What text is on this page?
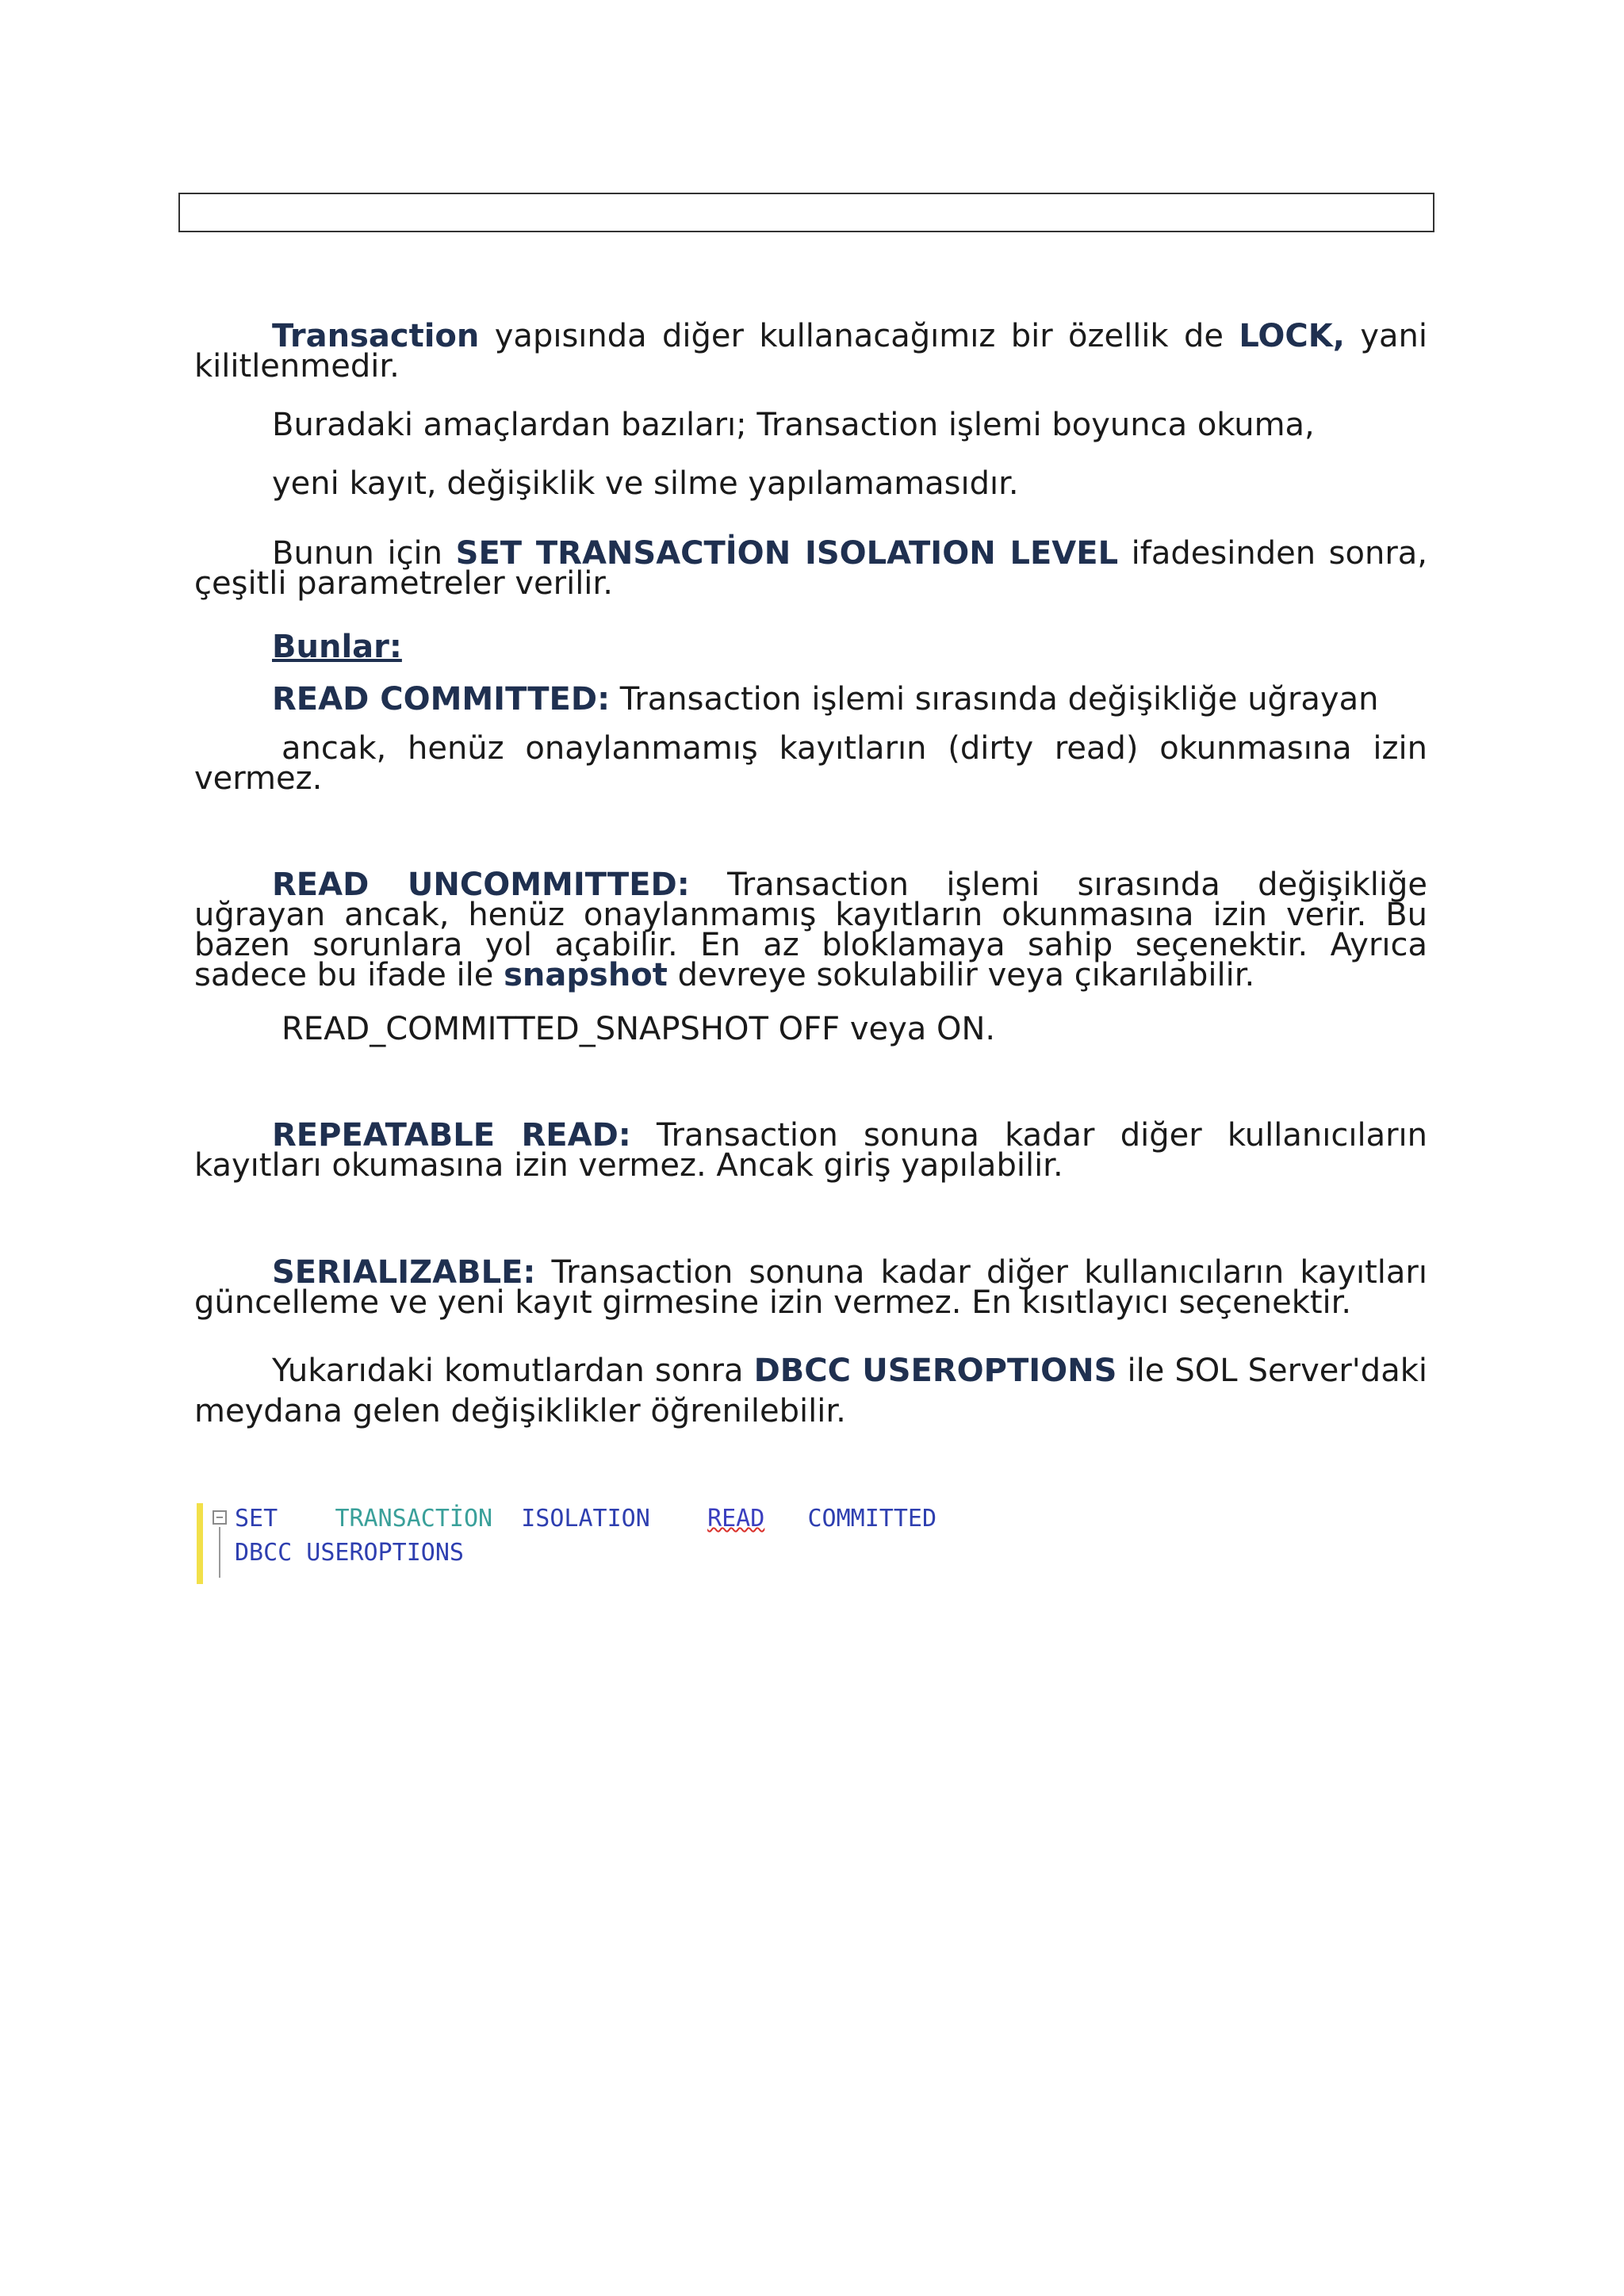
Transaction yapısında diğer kullanacağımız bir özellik de LOCK, yani kilitlenmedir.

Buradaki amaçlardan bazıları; Transaction işlemi boyunca okuma,

yeni kayıt, değişiklik ve silme yapılamamasıdır.

Bunun için SET TRANSACTİON ISOLATION LEVEL ifadesinden sonra, çeşitli parametreler verilir.

Bunlar:

READ COMMITTED: Transaction işlemi sırasında değişikliğe uğrayan

ancak, henüz onaylanmamış kayıtların (dirty read) okunmasına izin vermez.

READ UNCOMMITTED: Transaction işlemi sırasında değişikliğe uğrayan ancak, henüz onaylanmamış kayıtların okunmasına izin verir. Bu bazen sorunlara yol açabilir. En az bloklamaya sahip seçenektir. Ayrıca sadece bu ifade ile snapshot devreye sokulabilir veya çıkarılabilir.

READ_COMMITTED_SNAPSHOT OFF veya ON.

REPEATABLE READ: Transaction sonuna kadar diğer kullanıcıların kayıtları okumasına izin vermez. Ancak giriş yapılabilir.

SERIALIZABLE: Transaction sonuna kadar diğer kullanıcıların kayıtları güncelleme ve yeni kayıt girmesine izin vermez. En kısıtlayıcı seçenektir.

Yukarıdaki komutlardan sonra DBCC USEROPTIONS ile SOL Server'daki meydana gelen değişiklikler öğrenilebilir.

− SET TRANSACTİON ISOLATION READ COMMITTED
DBCC USEROPTIONS
